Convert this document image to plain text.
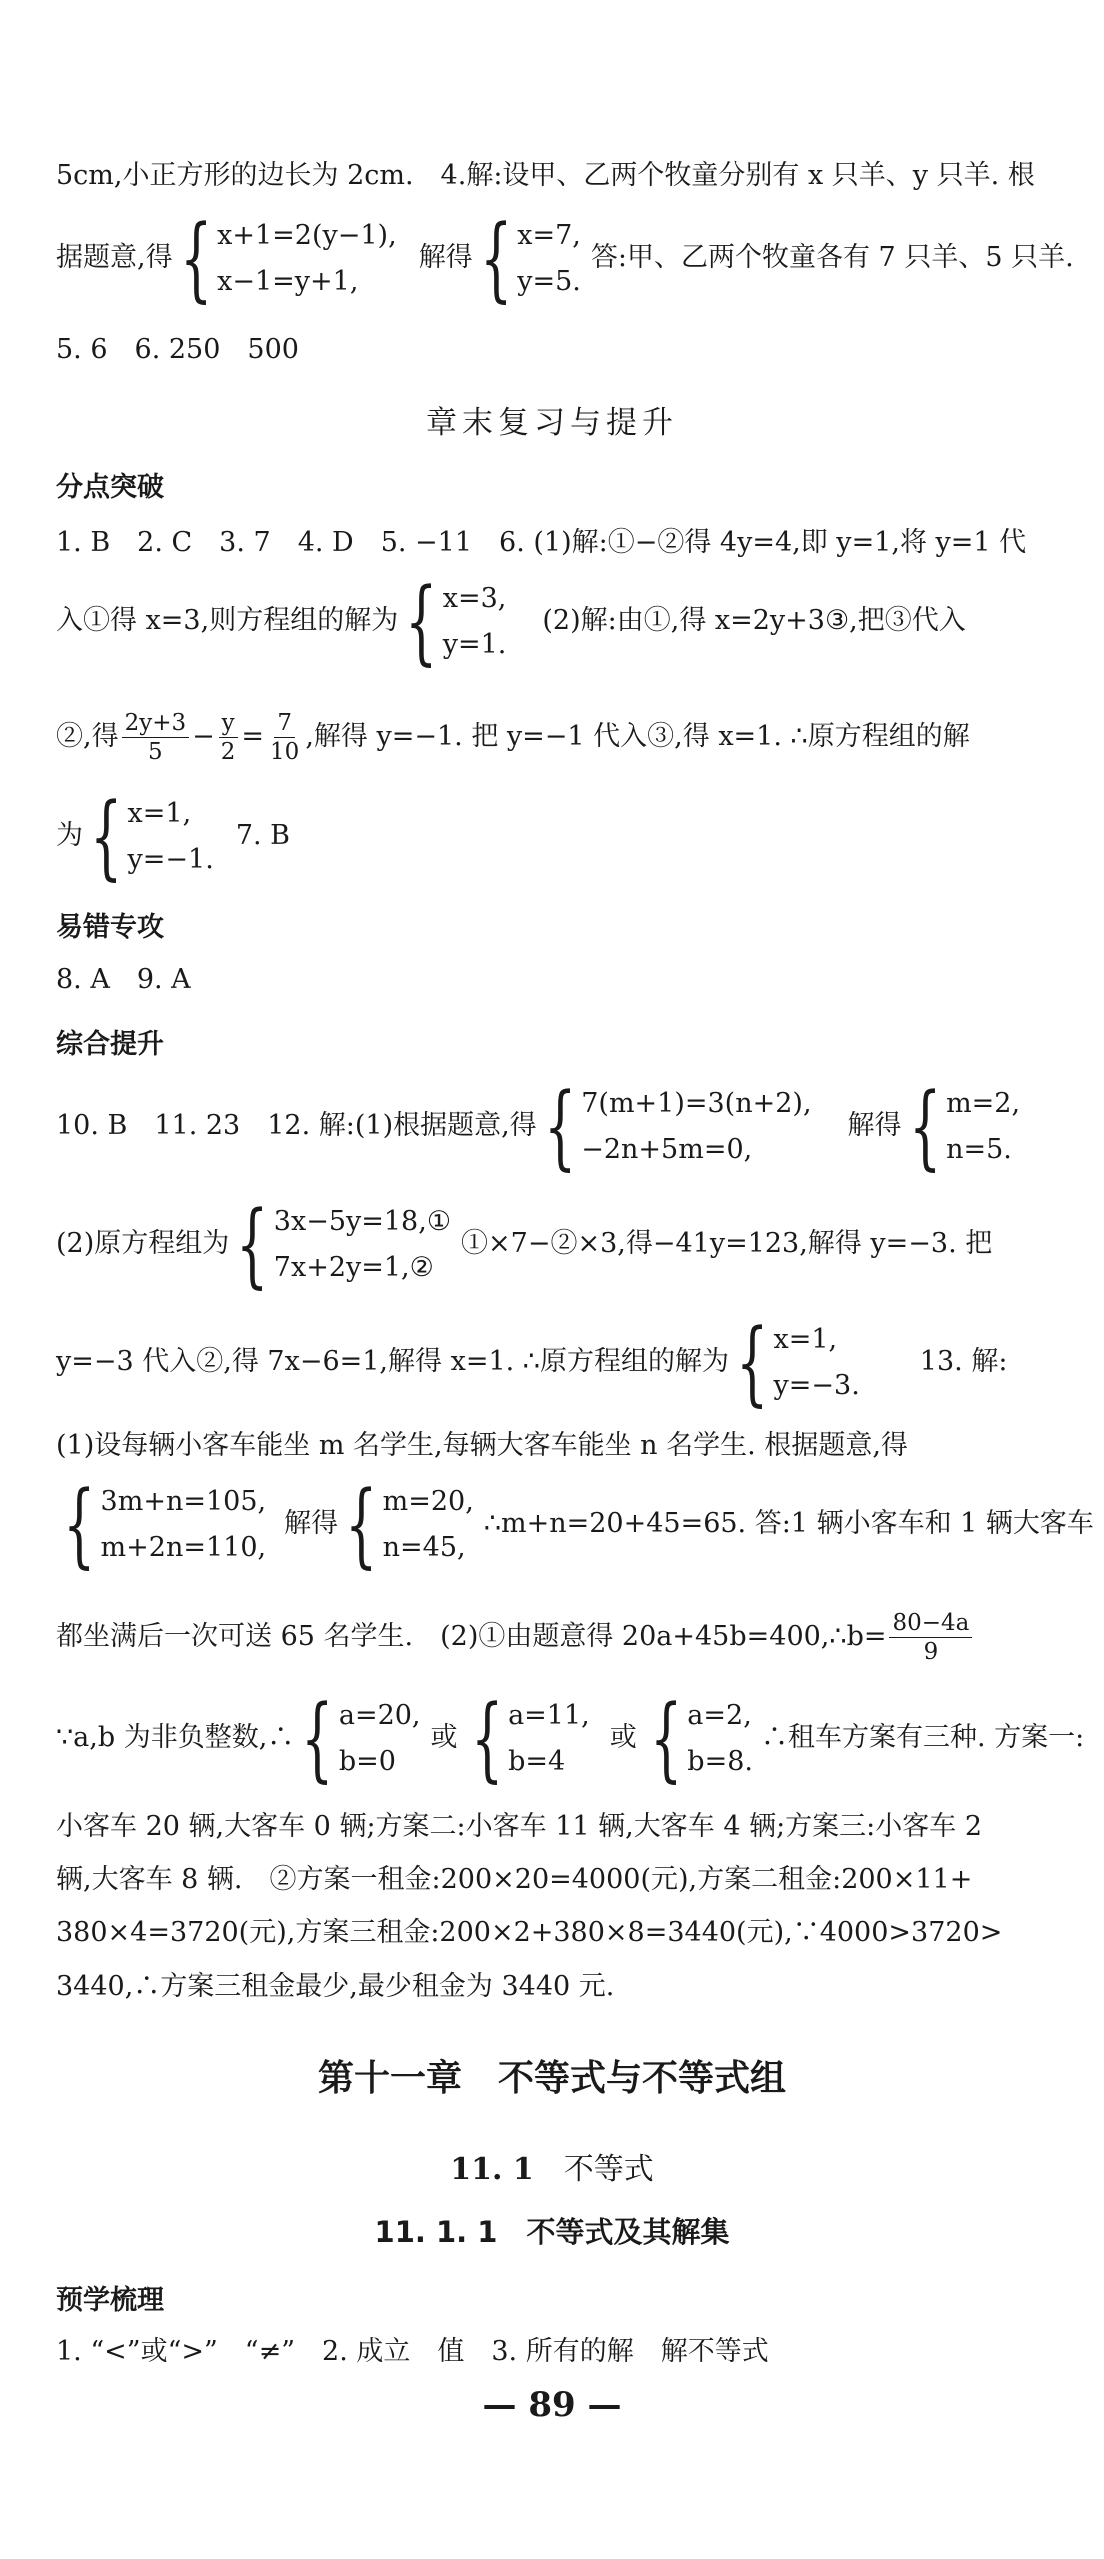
5cm,小正方形的边长为 2cm.　4.解:设甲、乙两个牧童分别有 x 只羊、y 只羊. 根
据题意,得 { x+1=2(y−1),
x−1=y+1,
解得 { x=7,
y=5.
答:甲、乙两个牧童各有 7 只羊、5 只羊.
5. 6　6. 250　500
章末复习与提升
分点突破
1. B　2. C　3. 7　4. D　5. −11　6. (1)解:①−②得 4y=4,即 y=1,将 y=1 代
入①得 x=3,则方程组的解为 { x=3,
y=1.
(2)解:由①,得 x=2y+3③,把③代入
②,得 $\frac{2y+3}{5} - \frac{y}{2} = \frac{7}{10}$ ,解得 y=−1. 把 y=−1 代入③,得 x=1. ∴原方程组的解
为 { x=1,
y=−1.
7. B
易错专攻
8. A　9. A
综合提升
10. B　11. 23　12. 解:(1)根据题意,得 { 7(m+1)=3(n+2),
−2n+5m=0,
解得 { m=2,
n=5.
(2)原方程组为 { 3x−5y=18,①
7x+2y=1,②
①×7−②×3,得−41y=123,解得 y=−3. 把
y=−3 代入②,得 7x−6=1,解得 x=1. ∴原方程组的解为 { x=1,
y=−3.
13. 解:
(1)设每辆小客车能坐 m 名学生,每辆大客车能坐 n 名学生. 根据题意,得
{ 3m+n=105,
m+2n=110,
解得 { m=20,
n=45,
∴m+n=20+45=65. 答:1 辆小客车和 1 辆大客车
都坐满后一次可送 65 名学生.　(2)①由题意得 20a+45b=400,∴b= $\frac{80-4a}{9}$
∵a,b 为非负整数,∴ { a=20,
b=0
或 { a=11,
b=4
或 { a=2,
b=8.
∴租车方案有三种. 方案一:
小客车 20 辆,大客车 0 辆;方案二:小客车 11 辆,大客车 4 辆;方案三:小客车 2
辆,大客车 8 辆.　②方案一租金:200×20=4000(元),方案二租金:200×11+
380×4=3720(元),方案三租金:200×2+380×8=3440(元),∵4000>3720>
3440,∴方案三租金最少,最少租金为 3440 元.
第十一章　不等式与不等式组
11. 1 不等式
11. 1. 1　不等式及其解集
预学梳理
1. “<”或“>”　“≠”　2. 成立　值　3. 所有的解　解不等式
— 89 —
